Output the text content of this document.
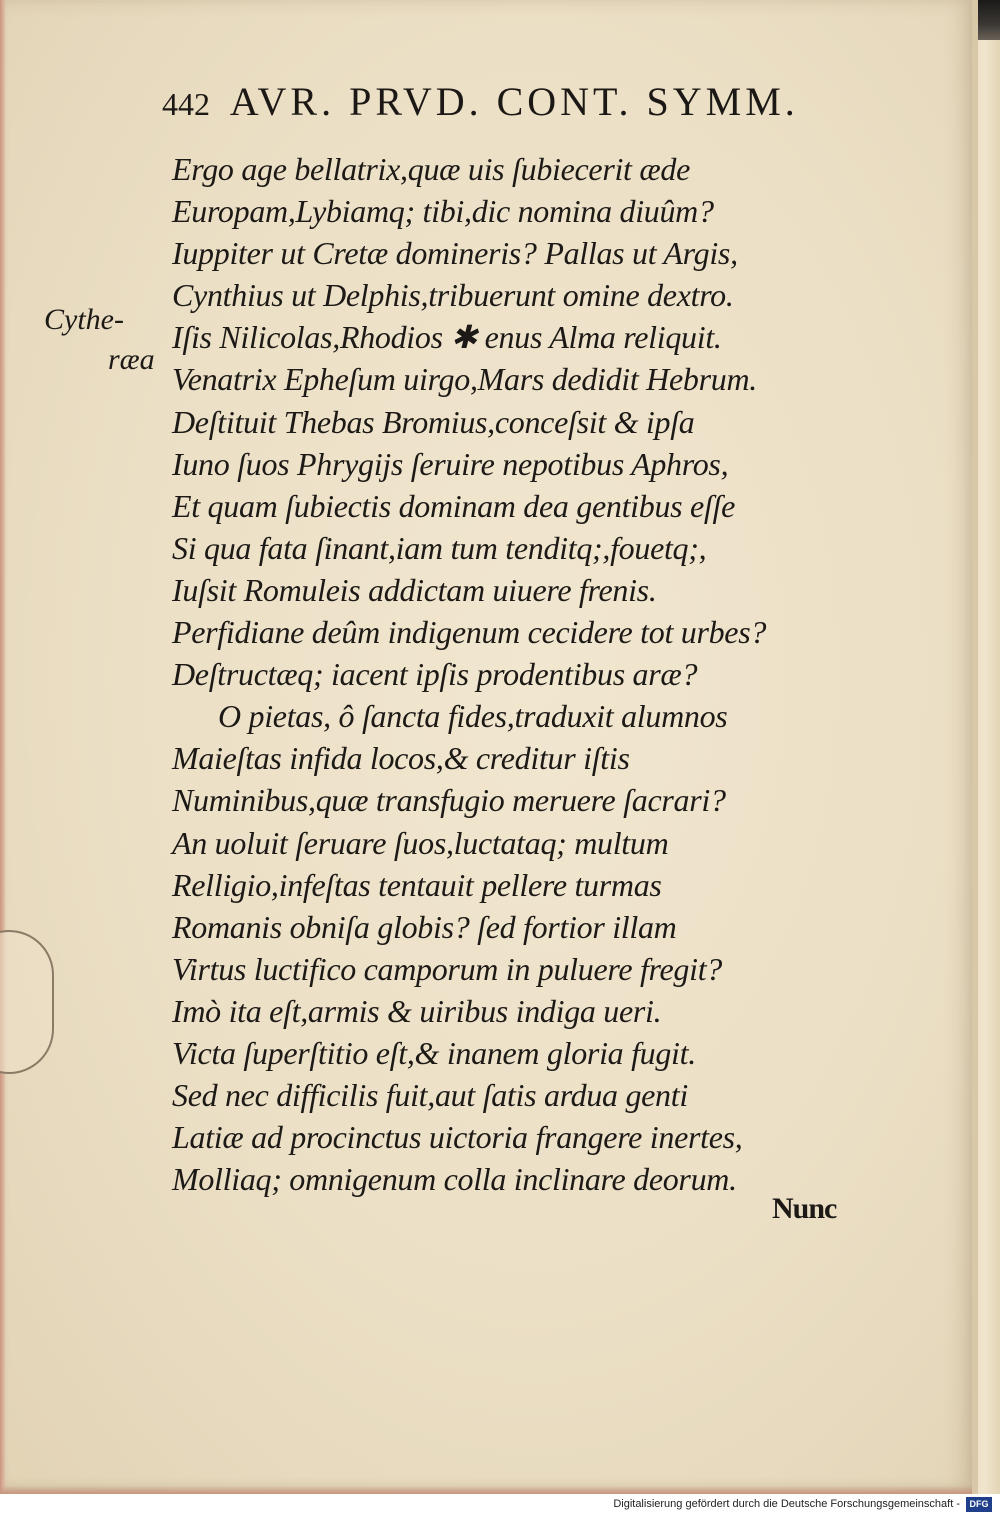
442 AVR. PRVD. CONT. SYMM.
Cythe-
ræa
Ergo age bellatrix,quæ uis ſubiecerit æde
Europam,Lybiamq; tibi,dic nomina diuûm?
Iuppiter ut Cretæ domineris? Pallas ut Argis,
Cynthius ut Delphis,tribuerunt omine dextro.
Iſis Nilicolas,Rhodios ✱ enus Alma reliquit.
Venatrix Epheſum uirgo,Mars dedidit Hebrum.
Deſtituit Thebas Bromius,conceſsit & ipſa
Iuno ſuos Phrygijs ſeruire nepotibus Aphros,
Et quam ſubiectis dominam dea gentibus eſſe
Si qua fata ſinant,iam tum tenditq;,fouetq;,
Iuſsit Romuleis addictam uiuere frenis.
Perfidiane deûm indigenum cecidere tot urbes?
Deſtructæq; iacent ipſis prodentibus aræ?
O pietas, ô ſancta fides,traduxit alumnos
Maieſtas infida locos,& creditur iſtis
Numinibus,quæ transfugio meruere ſacrari?
An uoluit ſeruare ſuos,luctataq; multum
Relligio,infeſtas tentauit pellere turmas
Romanis obniſa globis? ſed fortior illam
Virtus luctifico camporum in puluere fregit?
Imò ita eſt,armis & uiribus indiga ueri.
Victa ſuperſtitio eſt,& inanem gloria fugit.
Sed nec difficilis fuit,aut ſatis ardua genti
Latiæ ad procinctus uictoria frangere inertes,
Molliaq; omnigenum colla inclinare deorum.
Nunc
Digitalisierung gefördert durch die Deutsche Forschungsgemeinschaft -	DFG
